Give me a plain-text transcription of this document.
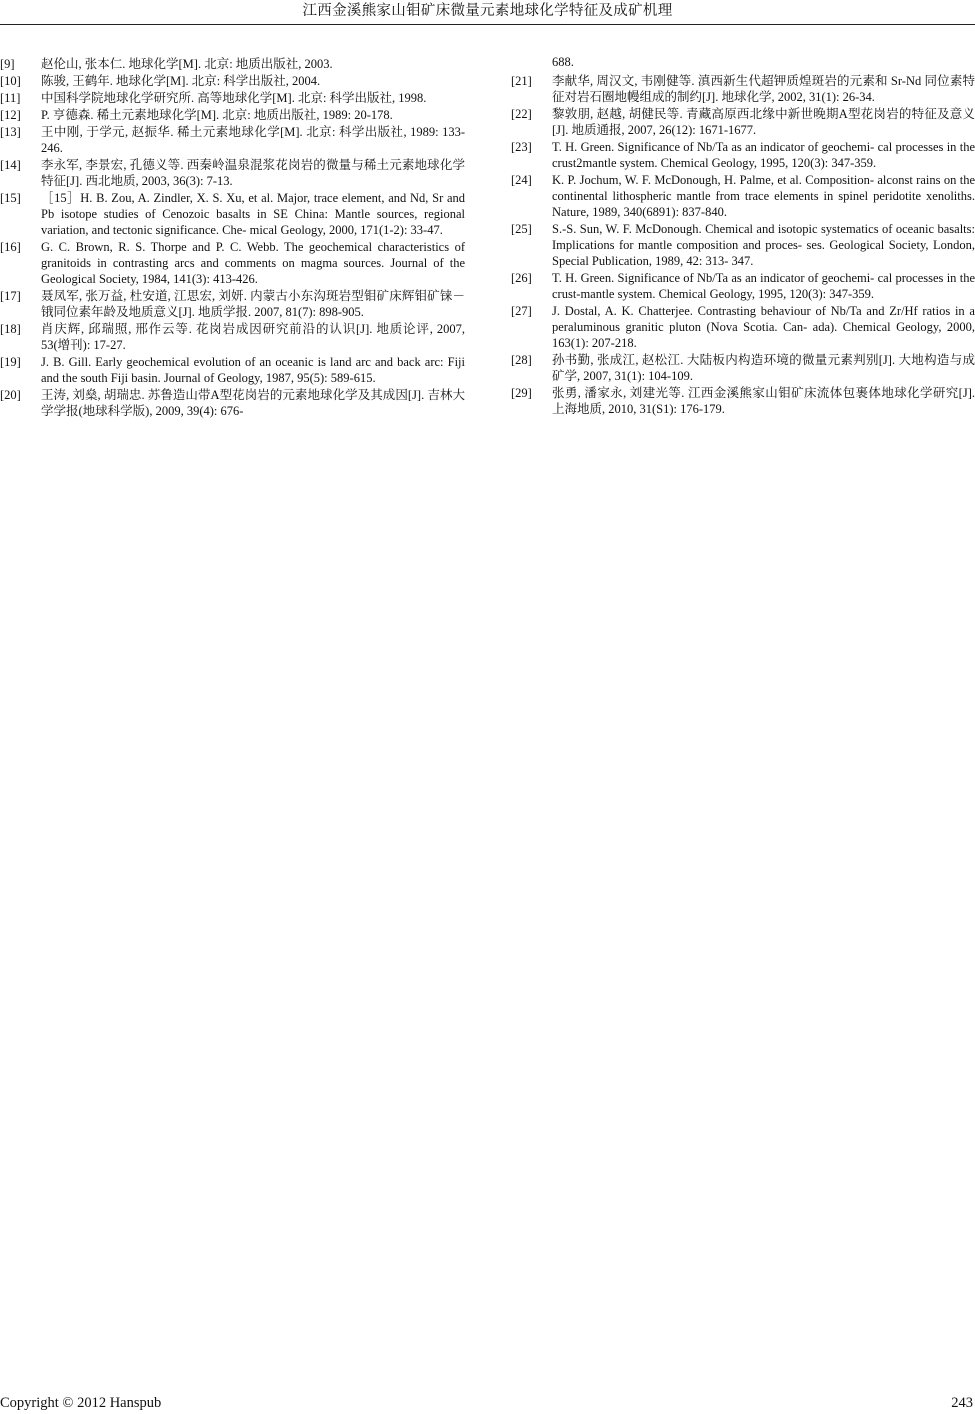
江西金溪熊家山钼矿床微量元素地球化学特征及成矿机理
[9]	赵伦山, 张本仁. 地球化学[M]. 北京: 地质出版社, 2003.
[10]	陈骏, 王鹤年. 地球化学[M]. 北京: 科学出版社, 2004.
[11]	中国科学院地球化学研究所. 高等地球化学[M]. 北京: 科学出版社, 1998.
[12]	P. 亨德森. 稀土元素地球化学[M]. 北京: 地质出版社, 1989: 20-178.
[13]	王中刚, 于学元, 赵振华. 稀土元素地球化学[M]. 北京: 科学出版社, 1989: 133-246.
[14]	李永军, 李景宏, 孔德义等. 西秦岭温泉混浆花岗岩的微量与稀土元素地球化学特征[J]. 西北地质, 2003, 36(3): 7-13.
[15]	［15］H. B. Zou, A. Zindler, X. S. Xu, et al. Major, trace element, and Nd, Sr and Pb isotope studies of Cenozoic basalts in SE China: Mantle sources, regional variation, and tectonic significance. Che- mical Geology, 2000, 171(1-2): 33-47.
[16]	G. C. Brown, R. S. Thorpe and P. C. Webb. The geochemical characteristics of granitoids in contrasting arcs and comments on magma sources. Journal of the Geological Society, 1984, 141(3): 413-426.
[17]	聂凤军, 张万益, 杜安道, 江思宏, 刘妍. 内蒙古小东沟斑岩型钼矿床辉钼矿铼－锇同位素年龄及地质意义[J]. 地质学报. 2007, 81(7): 898-905.
[18]	肖庆辉, 邱瑞照, 邢作云等. 花岗岩成因研究前沿的认识[J]. 地质论评, 2007, 53(增刊): 17-27.
[19]	J. B. Gill. Early geochemical evolution of an oceanic is land arc and back arc: Fiji and the south Fiji basin. Journal of Geology, 1987, 95(5): 589-615.
[20]	王涛, 刘燊, 胡瑞忠. 苏鲁造山带A型花岗岩的元素地球化学及其成因[J]. 吉林大学学报(地球科学版), 2009, 39(4): 676-
688.
[21]	李献华, 周汉文, 韦刚健等. 滇西新生代超钾质煌斑岩的元素和 Sr-Nd 同位素特征对岩石圈地幔组成的制约[J]. 地球化学, 2002, 31(1): 26-34.
[22]	黎敦朋, 赵越, 胡健民等. 青藏高原西北缘中新世晚期A型花岗岩的特征及意义[J]. 地质通报, 2007, 26(12): 1671-1677.
[23]	T. H. Green. Significance of Nb/Ta as an indicator of geochemi- cal processes in the crust2mantle system. Chemical Geology, 1995, 120(3): 347-359.
[24]	K. P. Jochum, W. F. McDonough, H. Palme, et al. Composition- alconst rains on the continental lithospheric mantle from trace elements in spinel peridotite xenoliths. Nature, 1989, 340(6891): 837-840.
[25]	S.-S. Sun, W. F. McDonough. Chemical and isotopic systematics of oceanic basalts: Implications for mantle composition and proces- ses. Geological Society, London, Special Publication, 1989, 42: 313- 347.
[26]	T. H. Green. Significance of Nb/Ta as an indicator of geochemi- cal processes in the crust-mantle system. Chemical Geology, 1995, 120(3): 347-359.
[27]	J. Dostal, A. K. Chatterjee. Contrasting behaviour of Nb/Ta and Zr/Hf ratios in a peraluminous granitic pluton (Nova Scotia. Can- ada). Chemical Geology, 2000, 163(1): 207-218.
[28]	孙书勤, 张成江, 赵松江. 大陆板内构造环境的微量元素判别[J]. 大地构造与成矿学, 2007, 31(1): 104-109.
[29]	张勇, 潘家永, 刘建光等. 江西金溪熊家山钼矿床流体包裹体地球化学研究[J]. 上海地质, 2010, 31(S1): 176-179.
Copyright © 2012 Hanspub	243
